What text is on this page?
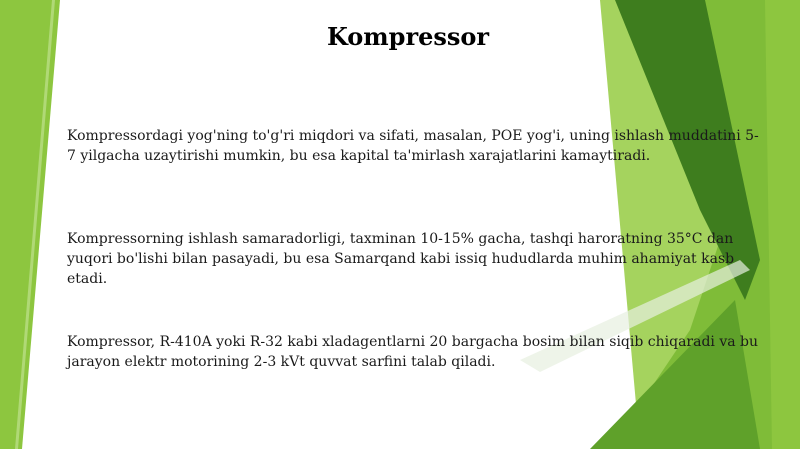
Kompressor
Kompressordagi yog'ning to'g'ri miqdori va sifati, masalan, POE yog'i, uning ishlash muddatini 5-7 yilgacha uzaytirishi mumkin, bu esa kapital ta'mirlash xarajatlarini kamaytiradi.
Kompressorning ishlash samaradorligi, taxminan 10-15% gacha, tashqi haroratning 35°C dan yuqori bo'lishi bilan pasayadi, bu esa Samarqand kabi issiq hududlarda muhim ahamiyat kasb etadi.
Kompressor, R-410A yoki R-32 kabi xladagentlarni 20 bargacha bosim bilan siqib chiqaradi va bu jarayon elektr motorining 2-3 kVt quvvat sarfini talab qiladi.
